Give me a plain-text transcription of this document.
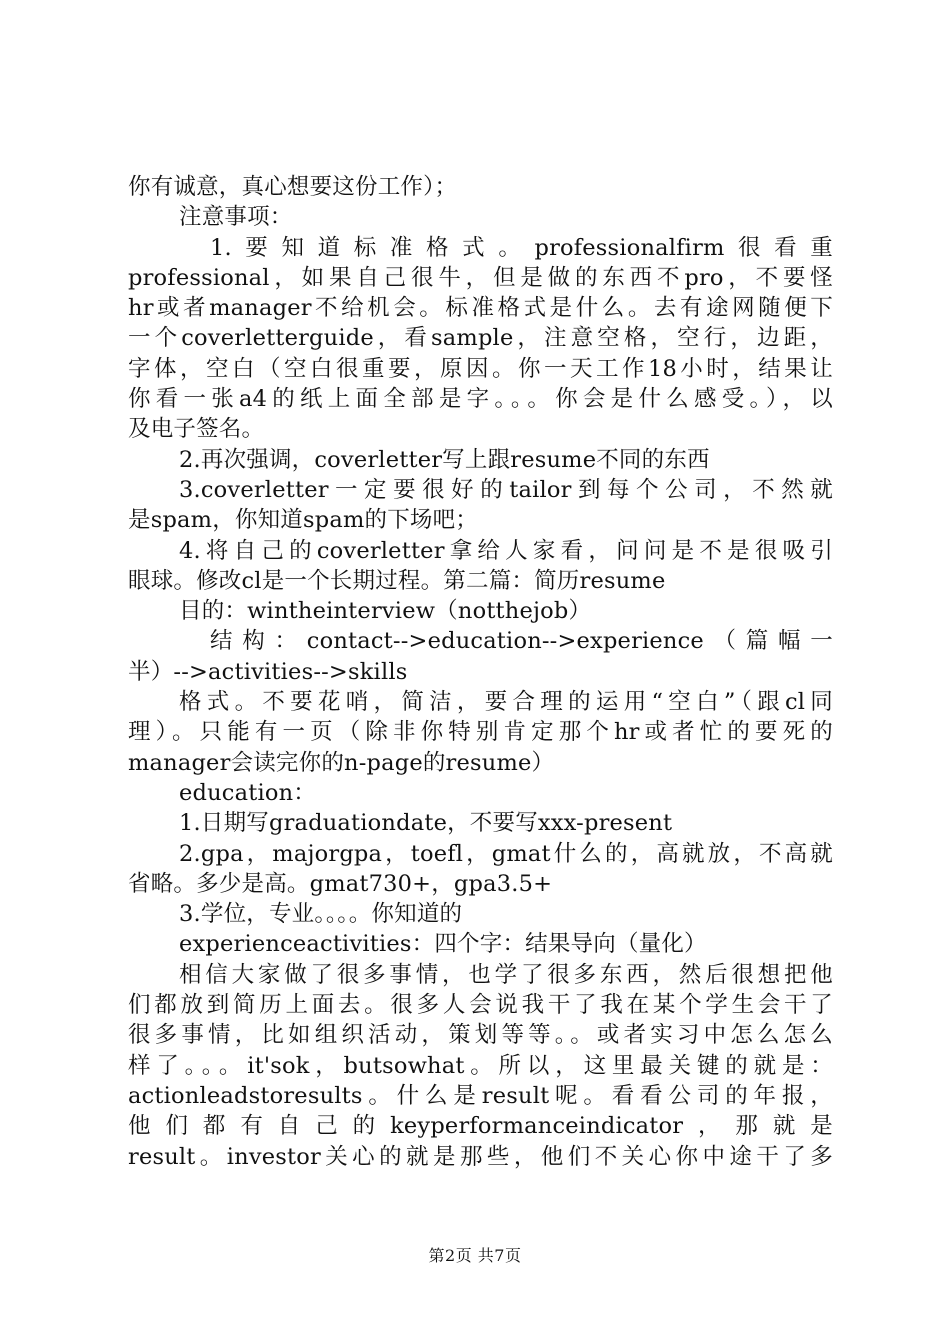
你有诚意，真心想要这份工作）；
注意事项：
1.要知道标准格式。professionalfirm很看重
professional，如果自己很牛，但是做的东西不pro，不要怪
hr或者manager不给机会。标准格式是什么。去有途网随便下
一个coverletterguide，看sample，注意空格，空行，边距，
字体，空白（空白很重要，原因。你一天工作18小时，结果让
你看一张a4的纸上面全部是字。。。你会是什么感受。），以
及电子签名。
2.再次强调，coverletter写上跟resume不同的东西
3.coverletter一定要很好的tailor到每个公司，不然就
是spam，你知道spam的下场吧；
4.将自己的coverletter拿给人家看，问问是不是很吸引
眼球。修改cl是一个长期过程。第二篇：简历resume
目的：wintheinterview（notthejob）
结构：contact-->education-->experience（篇幅一
半）-->activities-->skills
格式。不要花哨，简洁，要合理的运用“空白”（跟cl同
理）。只能有一页（除非你特别肯定那个hr或者忙的要死的
manager会读完你的n-page的resume）
education：
1.日期写graduationdate，不要写xxx-present
2.gpa，majorgpa，toefl，gmat什么的，高就放，不高就
省略。多少是高。gmat730+，gpa3.5+
3.学位，专业。。。。你知道的
experienceactivities：四个字：结果导向（量化）
相信大家做了很多事情，也学了很多东西，然后很想把他
们都放到简历上面去。很多人会说我干了我在某个学生会干了
很多事情，比如组织活动，策划等等。。或者实习中怎么怎么
样了。。。it'sok，butsowhat。所以，这里最关键的就是：
actionleadstoresults。什么是result呢。看看公司的年报，
他们都有自己的keyperformanceindicator，那就是
result。investor关心的就是那些，他们不关心你中途干了多
第2页 共7页
